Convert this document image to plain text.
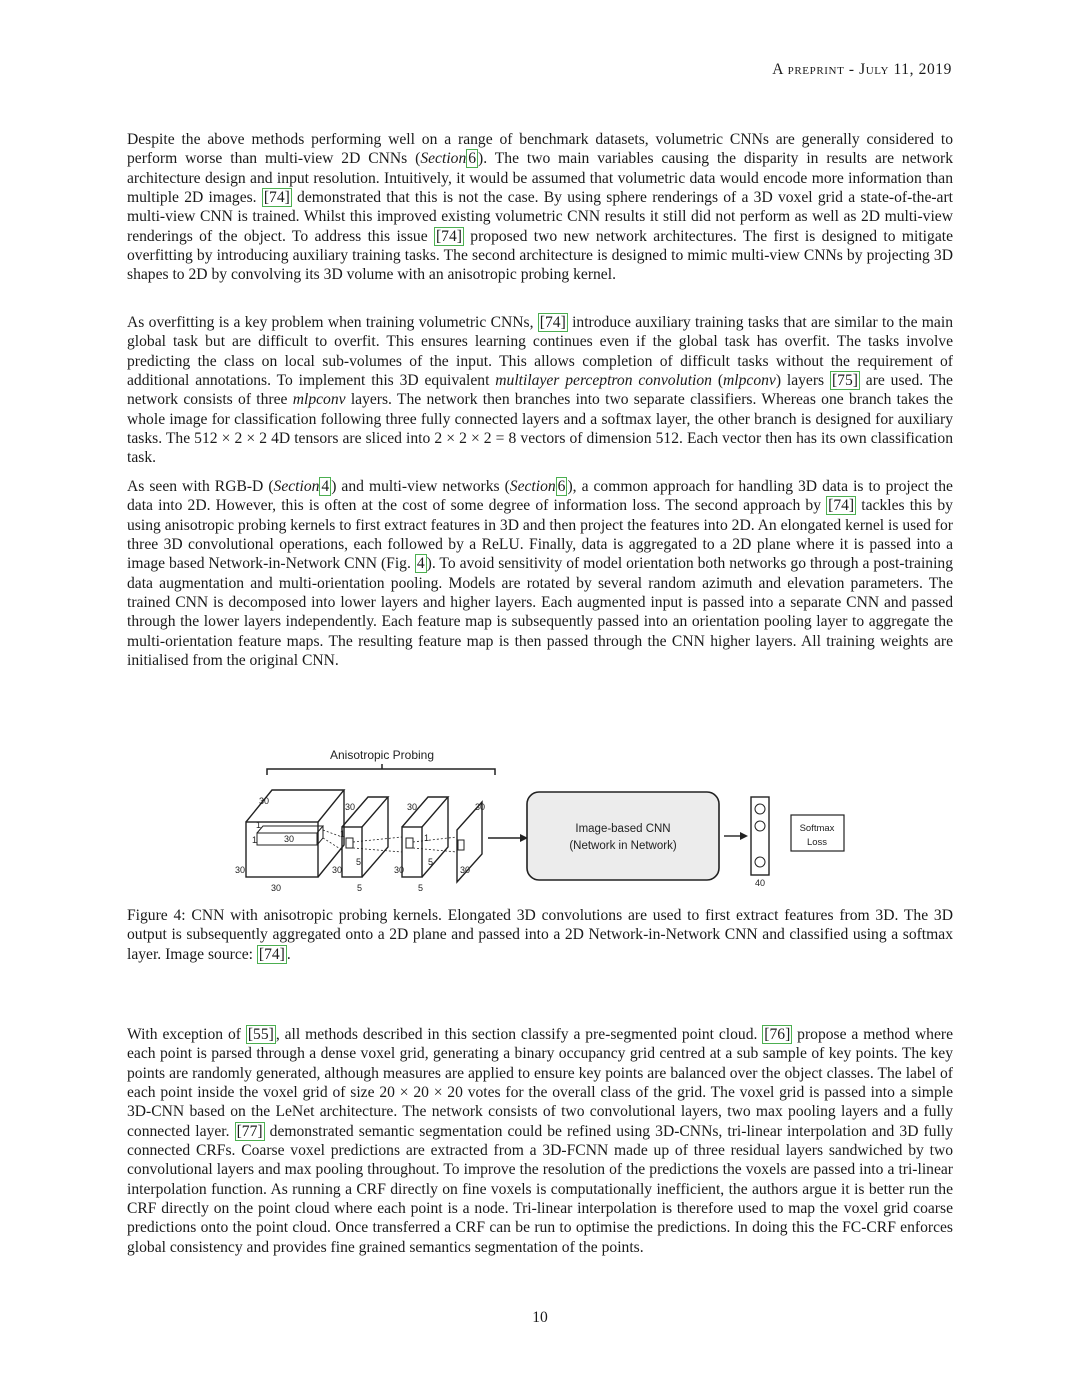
A preprint - July 11, 2019

Despite the above methods performing well on a range of benchmark datasets, volumetric CNNs are generally considered to perform worse than multi-view 2D CNNs (Section 6 ). The two main variables causing the disparity in results are network architecture design and input resolution. Intuitively, it would be assumed that volumetric data would encode more information than multiple 2D images. [74] demonstrated that this is not the case. By using sphere renderings of a 3D voxel grid a state-of-the-art multi-view CNN is trained. Whilst this improved existing volumetric CNN results it still did not perform as well as 2D multi-view renderings of the object. To address this issue [74] proposed two new network architectures. The first is designed to mitigate overfitting by introducing auxiliary training tasks. The second architecture is designed to mimic multi-view CNNs by projecting 3D shapes to 2D by convolving its 3D volume with an anisotropic probing kernel.

As overfitting is a key problem when training volumetric CNNs, [74] introduce auxiliary training tasks that are similar to the main global task but are difficult to overfit. This ensures learning continues even if the global task has overfit. The tasks involve predicting the class on local sub-volumes of the input. This allows completion of difficult tasks without the requirement of additional annotations. To implement this 3D equivalent multilayer perceptron convolution (mlpconv) layers [75] are used. The network consists of three mlpconv layers. The network then branches into two separate classifiers. Whereas one branch takes the whole image for classification following three fully connected layers and a softmax layer, the other branch is designed for auxiliary tasks. The 512 × 2 × 2 4D tensors are sliced into 2 × 2 × 2 = 8 vectors of dimension 512. Each vector then has its own classification task.

As seen with RGB-D (Section 4 ) and multi-view networks (Section 6 ), a common approach for handling 3D data is to project the data into 2D. However, this is often at the cost of some degree of information loss. The second approach by [74] tackles this by using anisotropic probing kernels to first extract features in 3D and then project the features into 2D. An elongated kernel is used for three 3D convolutional operations, each followed by a ReLU. Finally, data is aggregated to a 2D plane where it is passed into a image based Network-in-Network CNN (Fig. 4 ). To avoid sensitivity of model orientation both networks go through a post-training data augmentation and multi-orientation pooling. Models are rotated by several random azimuth and elevation parameters. The trained CNN is decomposed into lower layers and higher layers. Each augmented input is passed into a separate CNN and passed through the lower layers independently. Each feature map is subsequently passed into an orientation pooling layer to aggregate the multi-orientation feature maps. The resulting feature map is then passed through the CNN higher layers. All training weights are initialised from the original CNN.

Anisotropic Probing
30
1
1	30
30
30
30
5
1
30
5
30
5
1
30
5
30
30
Image-based CNN
(Network in Network)
40
Softmax
Loss

Figure 4: CNN with anisotropic probing kernels. Elongated 3D convolutions are used to first extract features from 3D. The 3D output is subsequently aggregated onto a 2D plane and passed into a 2D Network-in-Network CNN and classified using a softmax layer. Image source: [74] .

With exception of [55] , all methods described in this section classify a pre-segmented point cloud. [76] propose a method where each point is parsed through a dense voxel grid, generating a binary occupancy grid centred at a sub sample of key points. The key points are randomly generated, although measures are applied to ensure key points are balanced over the object classes. The label of each point inside the voxel grid of size 20 × 20 × 20 votes for the overall class of the grid. The voxel grid is passed into a simple 3D-CNN based on the LeNet architecture. The network consists of two convolutional layers, two max pooling layers and a fully connected layer. [77] demonstrated semantic segmentation could be refined using 3D-CNNs, tri-linear interpolation and 3D fully connected CRFs. Coarse voxel predictions are extracted from a 3D-FCNN made up of three residual layers sandwiched by two convolutional layers and max pooling throughout. To improve the resolution of the predictions the voxels are passed into a tri-linear interpolation function. As running a CRF directly on fine voxels is computationally inefficient, the authors argue it is better run the CRF directly on the point cloud where each point is a node. Tri-linear interpolation is therefore used to map the voxel grid coarse predictions onto the point cloud. Once transferred a CRF can be run to optimise the predictions. In doing this the FC-CRF enforces global consistency and provides fine grained semantics segmentation of the points.

10
